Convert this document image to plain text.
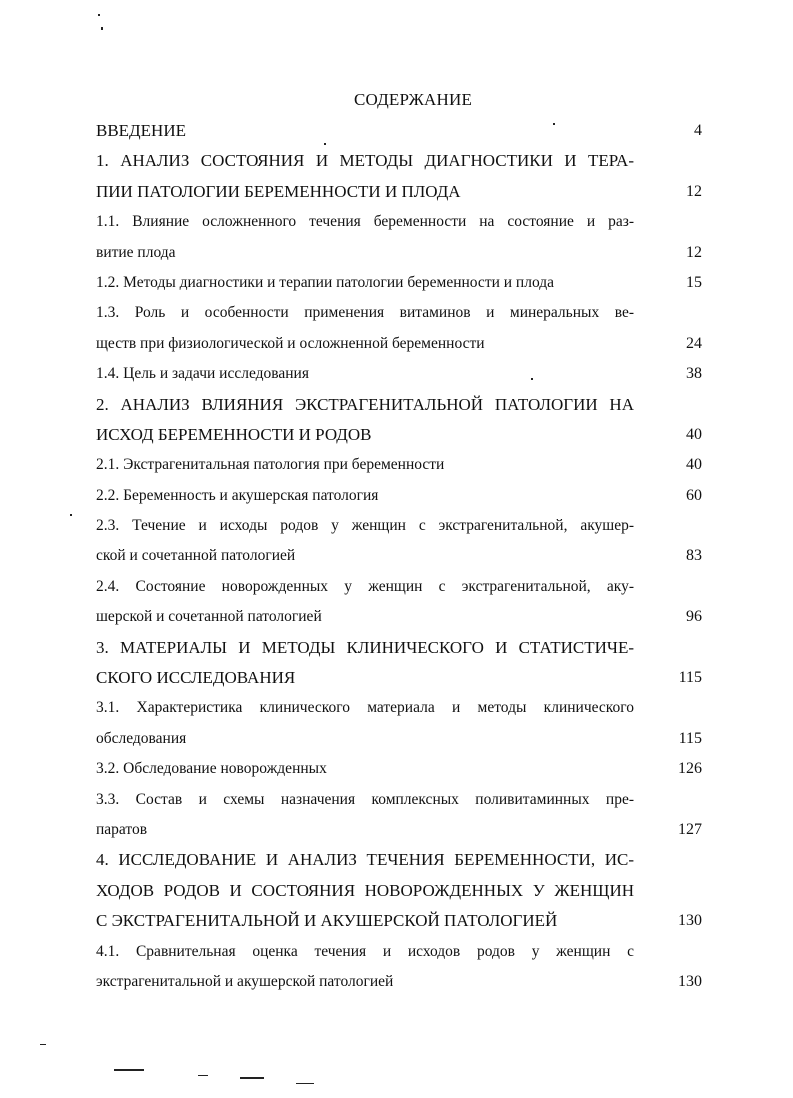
СОДЕРЖАНИЕ
ВВЕДЕНИЕ	4
1. АНАЛИЗ СОСТОЯНИЯ И МЕТОДЫ ДИАГНОСТИКИ И ТЕРА-
ПИИ ПАТОЛОГИИ БЕРЕМЕННОСТИ И ПЛОДА	12
1.1. Влияние осложненного течения беременности на состояние и раз-
витие плода	12
1.2. Методы диагностики и терапии патологии беременности и плода	15
1.3. Роль и особенности применения витаминов и минеральных ве-
ществ при физиологической и осложненной беременности	24
1.4. Цель и задачи исследования	38
2. АНАЛИЗ ВЛИЯНИЯ ЭКСТРАГЕНИТАЛЬНОЙ ПАТОЛОГИИ НА
ИСХОД БЕРЕМЕННОСТИ И РОДОВ	40
2.1. Экстрагенитальная патология при беременности	40
2.2. Беременность и акушерская патология	60
2.3. Течение и исходы родов у женщин с экстрагенитальной, акушер-
ской и сочетанной патологией	83
2.4. Состояние новорожденных у женщин с экстрагенитальной, аку-
шерской и сочетанной патологией	96
3. МАТЕРИАЛЫ И МЕТОДЫ КЛИНИЧЕСКОГО И СТАТИСТИЧЕ-
СКОГО ИССЛЕДОВАНИЯ	115
3.1. Характеристика клинического материала и методы клинического
обследования	115
3.2. Обследование новорожденных	126
3.3. Состав и схемы назначения комплексных поливитаминных пре-
паратов	127
4. ИССЛЕДОВАНИЕ И АНАЛИЗ ТЕЧЕНИЯ БЕРЕМЕННОСТИ, ИС-
ХОДОВ РОДОВ И СОСТОЯНИЯ НОВОРОЖДЕННЫХ У ЖЕНЩИН
С ЭКСТРАГЕНИТАЛЬНОЙ И АКУШЕРСКОЙ ПАТОЛОГИЕЙ	130
4.1. Сравнительная оценка течения и исходов родов у женщин с
экстрагенитальной и акушерской патологией	130
